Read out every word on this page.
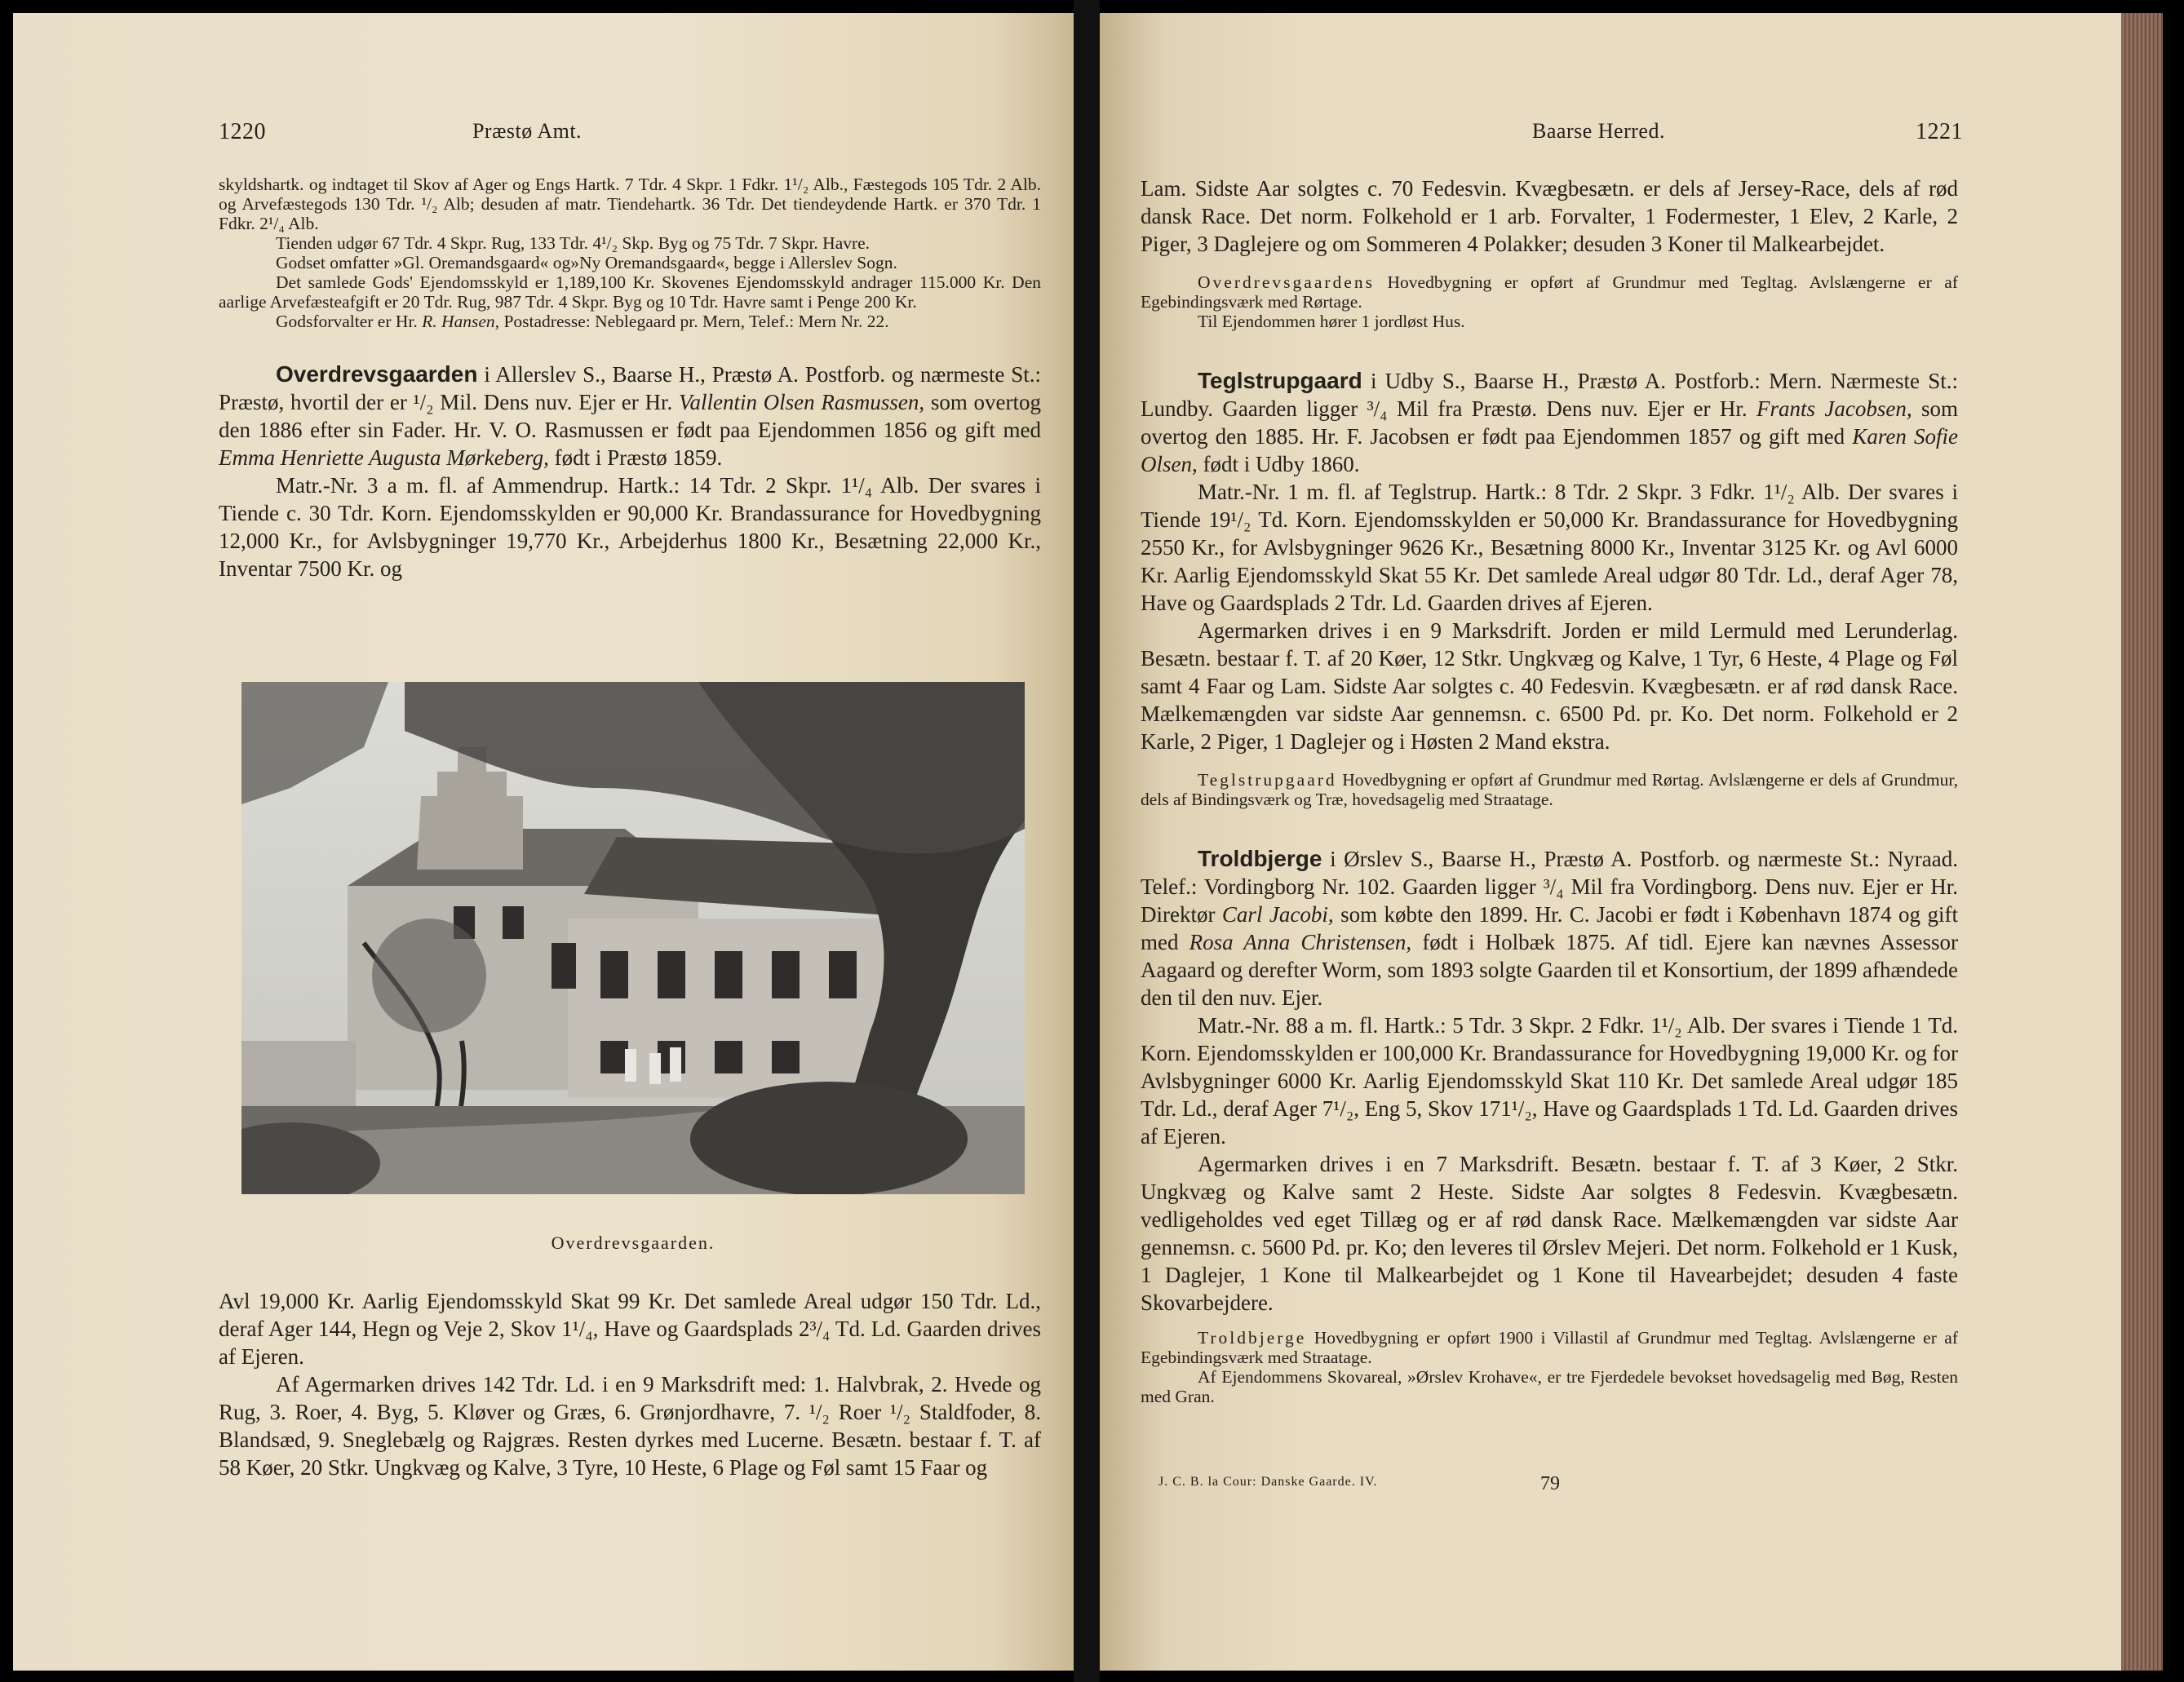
1220	Præstø Amt.

skyldshartk. og indtaget til Skov af Ager og Engs Hartk. 7 Tdr. 4 Skpr. 1 Fdkr. 1¹/₂ Alb., Fæstegods 105 Tdr. 2 Alb. og Arvefæstegods 130 Tdr. ¹/₂ Alb; desuden af matr. Tiendehartk. 36 Tdr. Det tiendeydende Hartk. er 370 Tdr. 1 Fdkr. 2¹/₄ Alb.

Tienden udgør 67 Tdr. 4 Skpr. Rug, 133 Tdr. 4¹/₂ Skp. Byg og 75 Tdr. 7 Skpr. Havre.

Godset omfatter »Gl. Oremandsgaard« og»Ny Oremandsgaard«, begge i Allerslev Sogn.

Det samlede Gods' Ejendomsskyld er 1,189,100 Kr. Skovenes Ejendomsskyld andrager 115.000 Kr. Den aarlige Arvefæsteafgift er 20 Tdr. Rug, 987 Tdr. 4 Skpr. Byg og 10 Tdr. Havre samt i Penge 200 Kr.

Godsforvalter er Hr. R. Hansen, Postadresse: Neblegaard pr. Mern, Telef.: Mern Nr. 22.

Overdrevsgaarden i Allerslev S., Baarse H., Præstø A. Postforb. og nærmeste St.: Præstø, hvortil der er ¹/₂ Mil. Dens nuv. Ejer er Hr. Vallentin Olsen Rasmussen, som overtog den 1886 efter sin Fader. Hr. V. O. Rasmussen er født paa Ejendommen 1856 og gift med Emma Henriette Augusta Mørkeberg, født i Præstø 1859.

Matr.-Nr. 3 a m. fl. af Ammendrup. Hartk.: 14 Tdr. 2 Skpr. 1¹/₄ Alb. Der svares i Tiende c. 30 Tdr. Korn. Ejendomsskylden er 90,000 Kr. Brandassurance for Hovedbygning 12,000 Kr., for Avlsbygninger 19,770 Kr., Arbejderhus 1800 Kr., Besætning 22,000 Kr., Inventar 7500 Kr. og

Overdrevsgaarden.

Avl 19,000 Kr. Aarlig Ejendomsskyld Skat 99 Kr. Det samlede Areal udgør 150 Tdr. Ld., deraf Ager 144, Hegn og Veje 2, Skov 1¹/₄, Have og Gaardsplads 2³/₄ Td. Ld. Gaarden drives af Ejeren.

Af Agermarken drives 142 Tdr. Ld. i en 9 Marksdrift med: 1. Halvbrak, 2. Hvede og Rug, 3. Roer, 4. Byg, 5. Kløver og Græs, 6. Grønjordhavre, 7. ¹/₂ Roer ¹/₂ Staldfoder, 8. Blandsæd, 9. Sneglebælg og Rajgræs. Resten dyrkes med Lucerne. Besætn. bestaar f. T. af 58 Køer, 20 Stkr. Ungkvæg og Kalve, 3 Tyre, 10 Heste, 6 Plage og Føl samt 15 Faar og

Baarse Herred.	1221

Lam. Sidste Aar solgtes c. 70 Fedesvin. Kvægbesætn. er dels af Jersey-Race, dels af rød dansk Race. Det norm. Folkehold er 1 arb. Forvalter, 1 Fodermester, 1 Elev, 2 Karle, 2 Piger, 3 Daglejere og om Sommeren 4 Polakker; desuden 3 Koner til Malkearbejdet.

Overdrevsgaardens Hovedbygning er opført af Grundmur med Tegltag. Avlslængerne er af Egebindingsværk med Rørtage.

Til Ejendommen hører 1 jordløst Hus.

Teglstrupgaard i Udby S., Baarse H., Præstø A. Postforb.: Mern. Nærmeste St.: Lundby. Gaarden ligger ³/₄ Mil fra Præstø. Dens nuv. Ejer er Hr. Frants Jacobsen, som overtog den 1885. Hr. F. Jacobsen er født paa Ejendommen 1857 og gift med Karen Sofie Olsen, født i Udby 1860.

Matr.-Nr. 1 m. fl. af Teglstrup. Hartk.: 8 Tdr. 2 Skpr. 3 Fdkr. 1¹/₂ Alb. Der svares i Tiende 19¹/₂ Td. Korn. Ejendomsskylden er 50,000 Kr. Brandassurance for Hovedbygning 2550 Kr., for Avlsbygninger 9626 Kr., Besætning 8000 Kr., Inventar 3125 Kr. og Avl 6000 Kr. Aarlig Ejendomsskyld Skat 55 Kr. Det samlede Areal udgør 80 Tdr. Ld., deraf Ager 78, Have og Gaardsplads 2 Tdr. Ld. Gaarden drives af Ejeren.

Agermarken drives i en 9 Marksdrift. Jorden er mild Lermuld med Lerunderlag. Besætn. bestaar f. T. af 20 Køer, 12 Stkr. Ungkvæg og Kalve, 1 Tyr, 6 Heste, 4 Plage og Føl samt 4 Faar og Lam. Sidste Aar solgtes c. 40 Fedesvin. Kvægbesætn. er af rød dansk Race. Mælkemængden var sidste Aar gennemsn. c. 6500 Pd. pr. Ko. Det norm. Folkehold er 2 Karle, 2 Piger, 1 Daglejer og i Høsten 2 Mand ekstra.

Teglstrupgaard Hovedbygning er opført af Grundmur med Rørtag. Avlslængerne er dels af Grundmur, dels af Bindingsværk og Træ, hovedsagelig med Straatage.

Troldbjerge i Ørslev S., Baarse H., Præstø A. Postforb. og nærmeste St.: Nyraad. Telef.: Vordingborg Nr. 102. Gaarden ligger ³/₄ Mil fra Vordingborg. Dens nuv. Ejer er Hr. Direktør Carl Jacobi, som købte den 1899. Hr. C. Jacobi er født i København 1874 og gift med Rosa Anna Christensen, født i Holbæk 1875. Af tidl. Ejere kan nævnes Assessor Aagaard og derefter Worm, som 1893 solgte Gaarden til et Konsortium, der 1899 afhændede den til den nuv. Ejer.

Matr.-Nr. 88 a m. fl. Hartk.: 5 Tdr. 3 Skpr. 2 Fdkr. 1¹/₂ Alb. Der svares i Tiende 1 Td. Korn. Ejendomsskylden er 100,000 Kr. Brandassurance for Hovedbygning 19,000 Kr. og for Avlsbygninger 6000 Kr. Aarlig Ejendomsskyld Skat 110 Kr. Det samlede Areal udgør 185 Tdr. Ld., deraf Ager 7¹/₂, Eng 5, Skov 171¹/₂, Have og Gaardsplads 1 Td. Ld. Gaarden drives af Ejeren.

Agermarken drives i en 7 Marksdrift. Besætn. bestaar f. T. af 3 Køer, 2 Stkr. Ungkvæg og Kalve samt 2 Heste. Sidste Aar solgtes 8 Fedesvin. Kvægbesætn. vedligeholdes ved eget Tillæg og er af rød dansk Race. Mælkemængden var sidste Aar gennemsn. c. 5600 Pd. pr. Ko; den leveres til Ørslev Mejeri. Det norm. Folkehold er 1 Kusk, 1 Daglejer, 1 Kone til Malkearbejdet og 1 Kone til Havearbejdet; desuden 4 faste Skovarbejdere.

Troldbjerge Hovedbygning er opført 1900 i Villastil af Grundmur med Tegltag. Avlslængerne er af Egebindingsværk med Straatage.

Af Ejendommens Skovareal, »Ørslev Krohave«, er tre Fjerdedele bevokset hovedsagelig med Bøg, Resten med Gran.

J. C. B. la Cour: Danske Gaarde. IV.	79
